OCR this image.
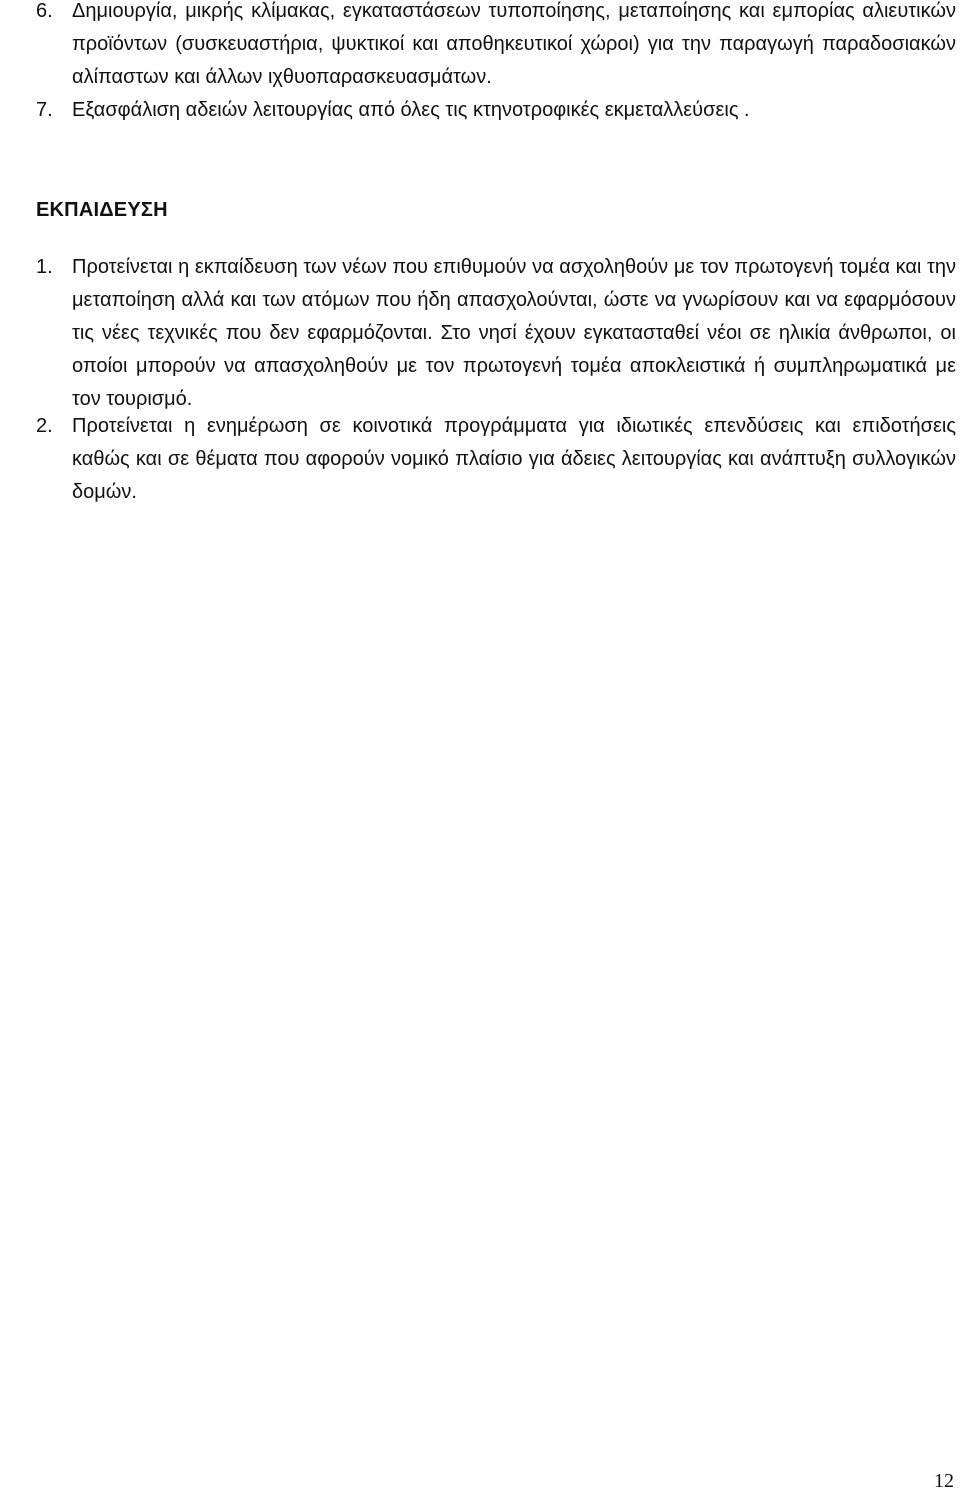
6. Δημιουργία, μικρής κλίμακας, εγκαταστάσεων τυποποίησης, μεταποίησης και εμπορίας αλιευτικών προϊόντων (συσκευαστήρια, ψυκτικοί και αποθηκευτικοί χώροι) για την παραγωγή παραδοσιακών αλίπαστων και άλλων ιχθυοπαρασκευασμάτων.
7. Εξασφάλιση αδειών λειτουργίας από όλες τις κτηνοτροφικές εκμεταλλεύσεις .
ΕΚΠΑΙΔΕΥΣΗ
1. Προτείνεται η εκπαίδευση των νέων που επιθυμούν να ασχοληθούν με τον πρωτογενή τομέα και την μεταποίηση αλλά και των ατόμων που ήδη απασχολούνται, ώστε να γνωρίσουν και να εφαρμόσουν τις νέες τεχνικές που δεν εφαρμόζονται. Στο νησί έχουν εγκατασταθεί νέοι σε ηλικία άνθρωποι, οι οποίοι μπορούν να απασχοληθούν με τον πρωτογενή τομέα αποκλειστικά ή συμπληρωματικά με τον τουρισμό.
2. Προτείνεται η ενημέρωση σε κοινοτικά προγράμματα για ιδιωτικές επενδύσεις και επιδοτήσεις καθώς και σε θέματα που αφορούν νομικό πλαίσιο για άδειες λειτουργίας και ανάπτυξη συλλογικών δομών.
12
